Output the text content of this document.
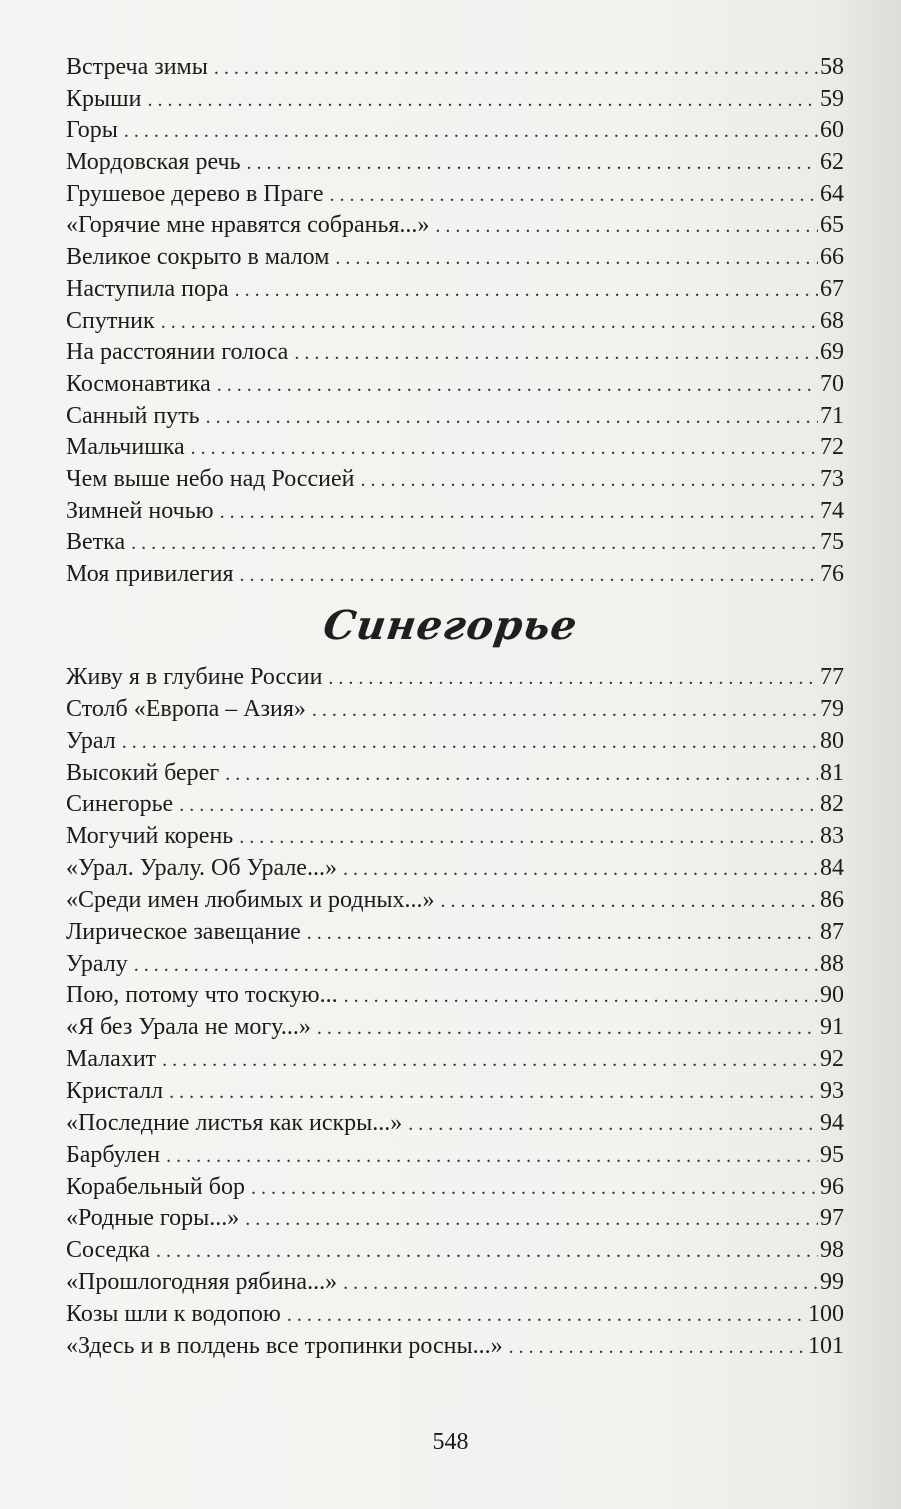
Встреча зимы . . .	58
Крыши . . .	59
Горы . . .	60
Мордовская речь . . .	62
Грушевое дерево в Праге . . .	64
«Горячие мне нравятся собранья...» . . .	65
Великое сокрыто в малом . . .	66
Наступила пора . . .	67
Спутник . . .	68
На расстоянии голоса . . .	69
Космонавтика . . .	70
Санный путь . . .	71
Мальчишка . . .	72
Чем выше небо над Россией . . .	73
Зимней ночью . . .	74
Ветка . . .	75
Моя привилегия . . .	76
Синегорье
Живу я в глубине России . . .	77
Столб «Европа – Азия» . . .	79
Урал . . .	80
Высокий берег . . .	81
Синегорье . . .	82
Могучий корень . . .	83
«Урал. Уралу. Об Урале...» . . .	84
«Среди имен любимых и родных...» . . .	86
Лирическое завещание . . .	87
Уралу . . .	88
Пою, потому что тоскую... . . .	90
«Я без Урала не могу...» . . .	91
Малахит . . .	92
Кристалл . . .	93
«Последние листья как искры...» . . .	94
Барбулен . . .	95
Корабельный бор . . .	96
«Родные горы...» . . .	97
Соседка . . .	98
«Прошлогодняя рябина...» . . .	99
Козы шли к водопою . . .	100
«Здесь и в полдень все тропинки росны...» . . .	101
548
